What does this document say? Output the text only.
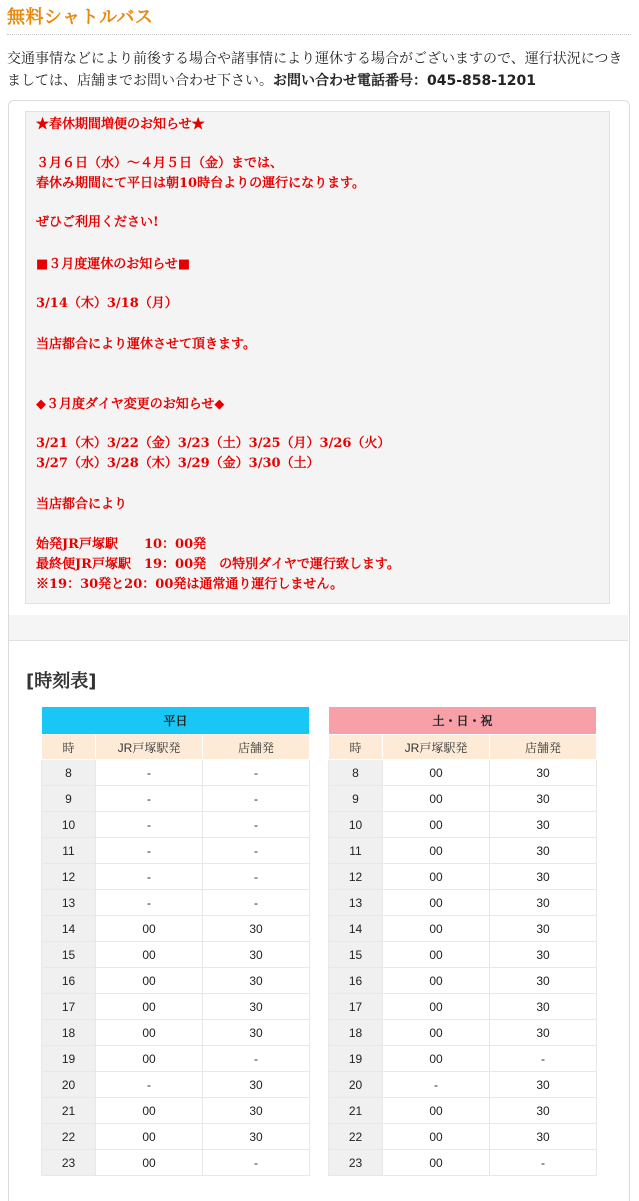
無料シャトルバス
交通事情などにより前後する場合や諸事情により運休する場合がございますので、運行状況につきましては、店舗までお問い合わせ下さい。お問い合わせ電話番号：045-858-1201
★春休期間増便のお知らせ★
３月６日（水）～４月５日（金）までは、
春休み期間にて平日は朝10時台よりの運行になります。
ぜひご利用ください!
■３月度運休のお知らせ■
3/14（木）3/18（月）
当店都合により運休させて頂きます。
◆３月度ダイヤ変更のお知らせ◆
3/21（木）3/22（金）3/23（土）3/25（月）3/26（火）
3/27（水）3/28（木）3/29（金）3/30（土）
当店都合により
始発JR戸塚駅　　10：00発
最終便JR戸塚駅　19：00発　の特別ダイヤで運行致します。
※19：30発と20：00発は通常通り運行しません。
[時刻表]
平日		
時	JR戸塚駅発	店舗発
8	-	-
9	-	-
10	-	-
11	-	-
12	-	-
13	-	-
14	00	30
15	00	30
16	00	30
17	00	30
18	00	30
19	00	-
20	-	30
21	00	30
22	00	30
23	00	-
土・日・祝		
時	JR戸塚駅発	店舗発
8	00	30
9	00	30
10	00	30
11	00	30
12	00	30
13	00	30
14	00	30
15	00	30
16	00	30
17	00	30
18	00	30
19	00	-
20	-	30
21	00	30
22	00	30
23	00	-
